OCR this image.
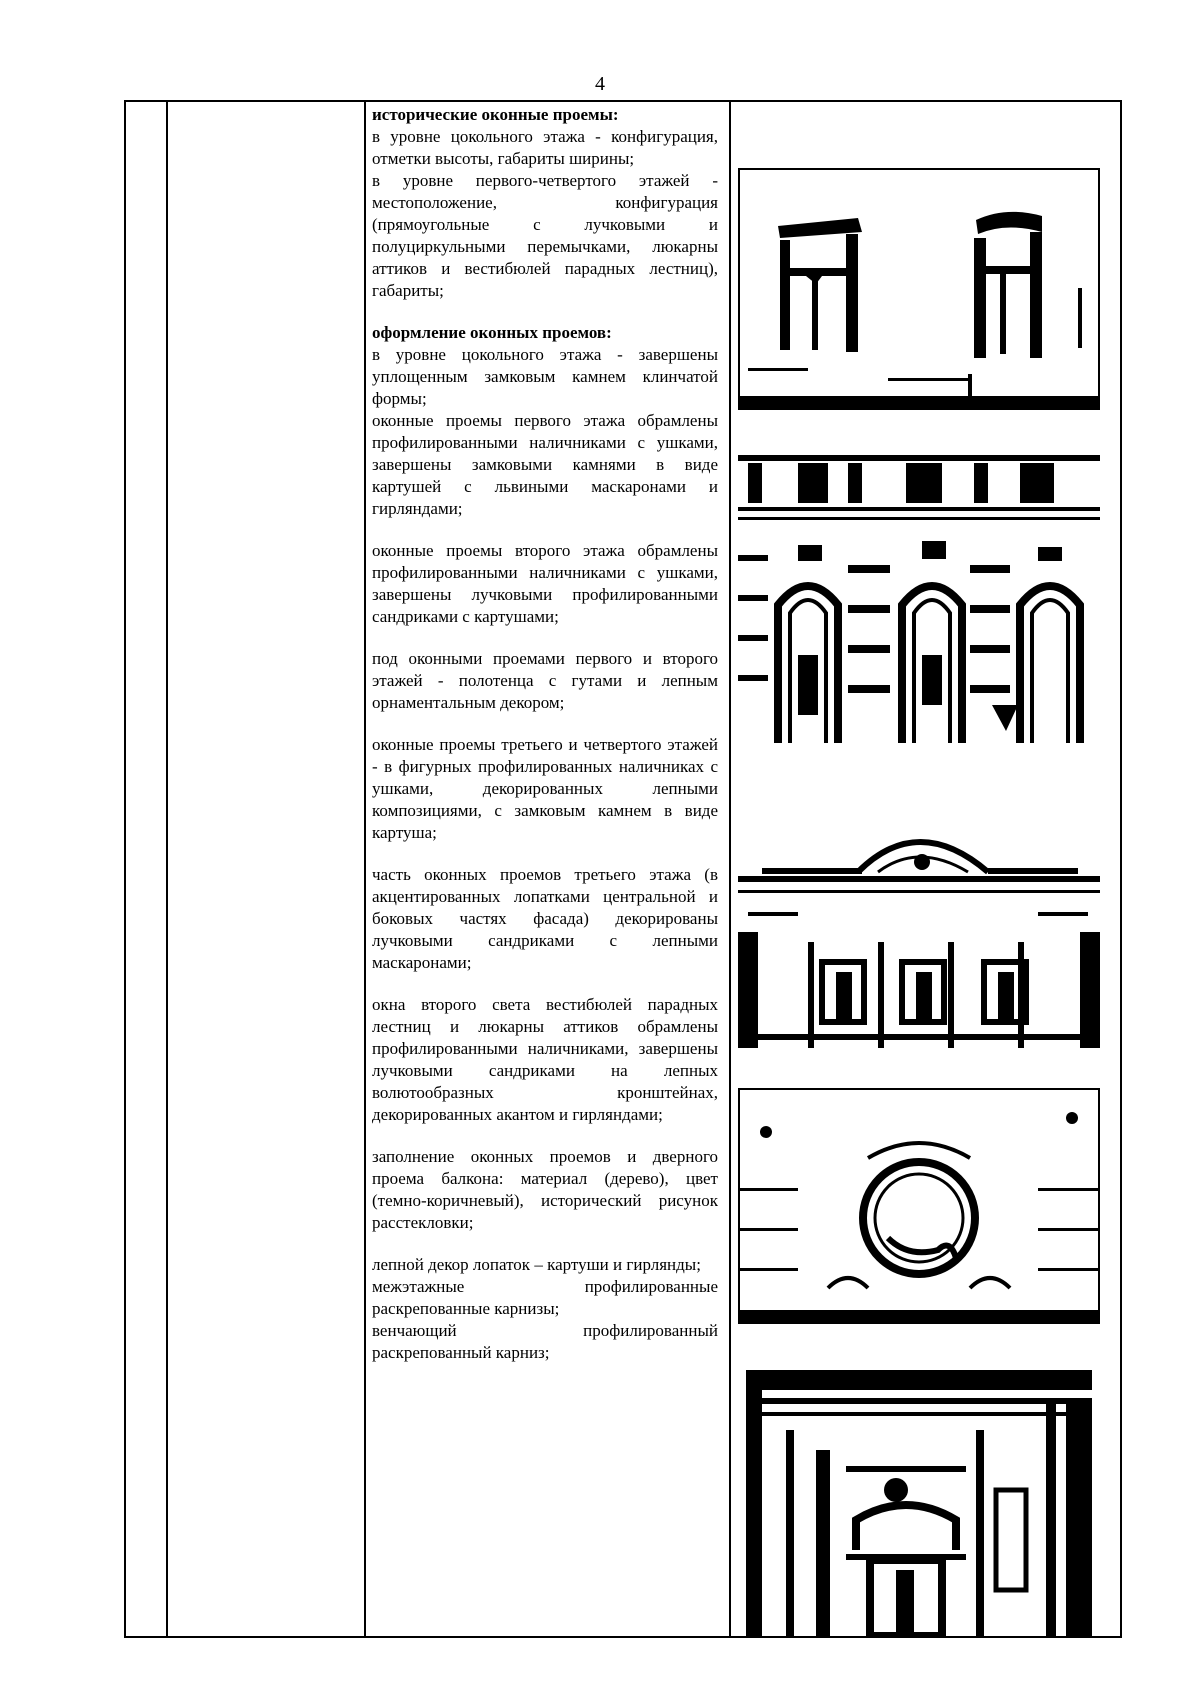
4

исторические оконные проемы:

в уровне цокольного этажа - конфигурация, отметки высоты, габариты ширины;

в уровне первого-четвертого этажей - местоположение, конфигурация (прямоугольные с лучковыми и полуциркульными перемычками, люкарны аттиков и вестибюлей парадных лестниц), габариты;

оформление оконных проемов:

в уровне цокольного этажа - завершены уплощенным замковым камнем клинчатой формы;

оконные проемы первого этажа обрамлены профилированными наличниками с ушками, завершены замковыми камнями в виде картушей с львиными маскаронами и гирляндами;

оконные проемы второго этажа обрамлены профилированными наличниками с ушками, завершены лучковыми профилированными сандриками с картушами;

под оконными проемами первого и второго этажей - полотенца с гутами и лепным орнаментальным декором;

оконные проемы третьего и четвертого этажей - в фигурных профилированных наличниках с ушками, декорированных лепными композициями, с замковым камнем в виде картуша;

часть оконных проемов третьего этажа (в акцентированных лопатками центральной и боковых частях фасада) декорированы лучковыми сандриками с лепными маскаронами;

окна второго света вестибюлей парадных лестниц и люкарны аттиков обрамлены профилированными наличниками, завершены лучковыми сандриками на лепных волютообразных кронштейнах, декорированных акантом и гирляндами;

заполнение оконных проемов и дверного проема балкона: материал (дерево), цвет (темно-коричневый), исторический рисунок расстекловки;

лепной декор лопаток – картуши и гирлянды;

межэтажные профилированные раскрепованные карнизы;

венчающий профилированный раскрепованный карниз;
